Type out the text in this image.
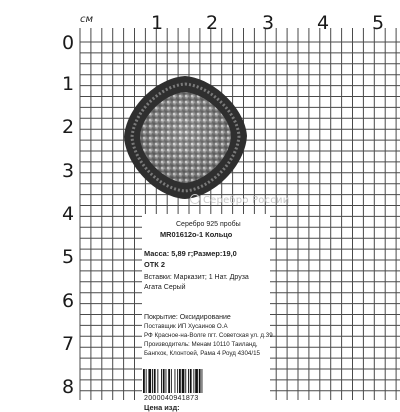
см	1 2 3 4 5
0
1
2
3
4
5
6
7
8
Серебро России
Серебро 925 пробы
MR01612о-1 Кольцо
Масса: 5,89 г;Размер:19,0
ОТК 2
Вставки: Марказит; 1 Нат. Друза
Агата Серый
Покрытие: Оксидирование
Поставщик ИП Хусаинов О.А
РФ Красное-на-Волге пгт. Советская ул. д.39
Производитель: Менам 10110 Таиланд,
Бангкок, Клонтоей, Рама 4 Роуд 4304/15
2000040941873
Цена изд:
